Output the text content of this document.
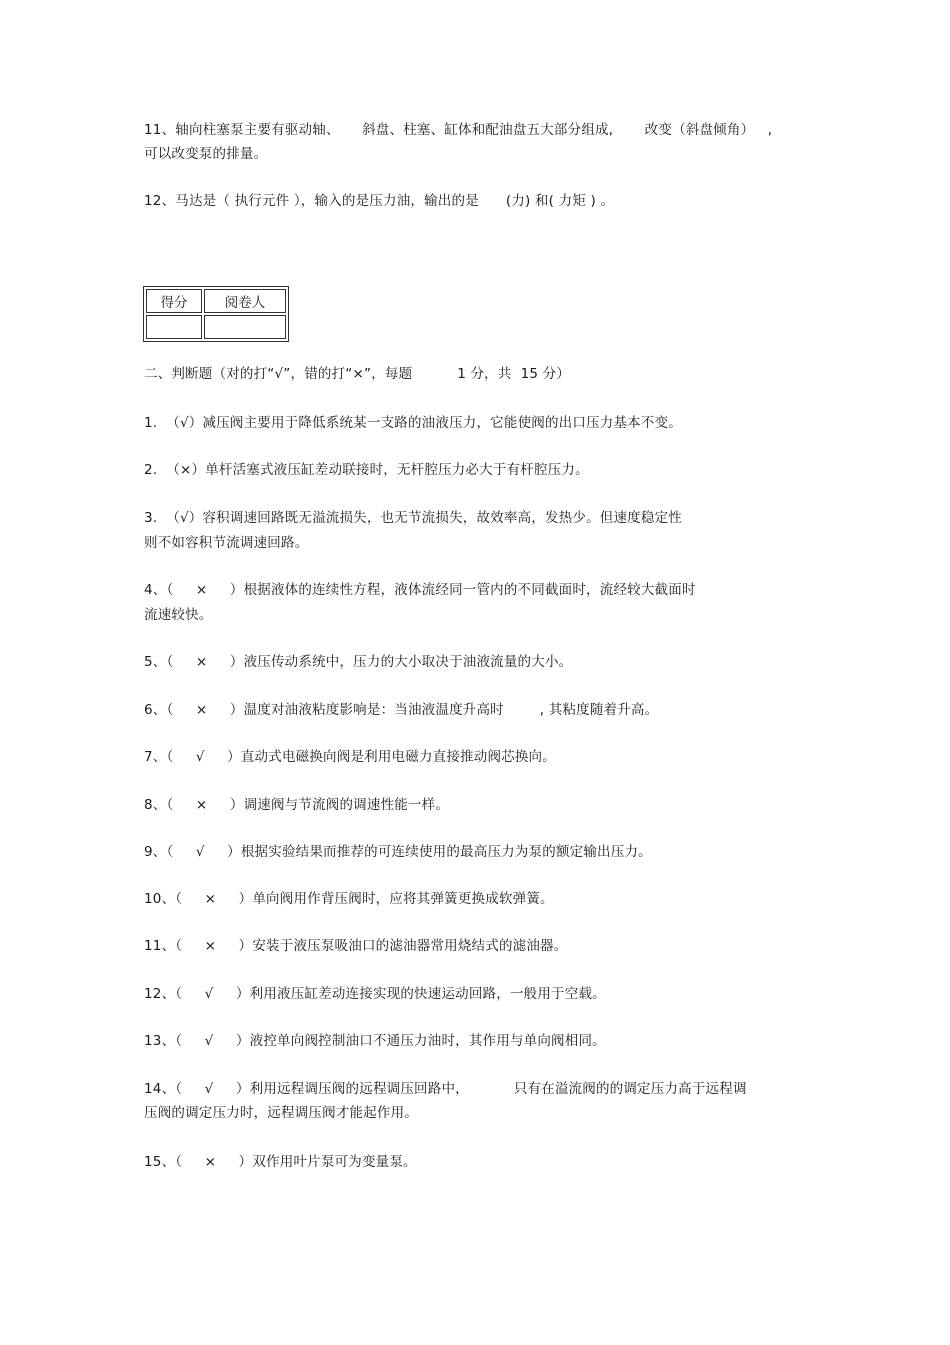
11、轴向柱塞泵主要有驱动轴、     斜盘、柱塞、缸体和配油盘五大部分组成,       改变（斜盘倾角）   ,
可以改变泵的排量。
12、马达是（ 执行元件 ），输入的是压力油，输出的是      (力) 和( 力矩 ) 。
得分	阅卷人

二、判断题（对的打“√”，错的打“×”，每题          1 分，共  15 分）
1.  （√）减压阀主要用于降低系统某一支路的油液压力，它能使阀的出口压力基本不变。
2.  （×）单杆活塞式液压缸差动联接时，无杆腔压力必大于有杆腔压力。
3.  （√）容积调速回路既无溢流损失，也无节流损失，故效率高，发热少。但速度稳定性
则不如容积节流调速回路。
4、（     ×     ）根据液体的连续性方程，液体流经同一管内的不同截面时，流经较大截面时
流速较快。
5、（     ×     ）液压传动系统中，压力的大小取决于油液流量的大小。
6、（     ×     ）温度对油液粘度影响是：当油液温度升高时        , 其粘度随着升高。
7、（     √     ）直动式电磁换向阀是利用电磁力直接推动阀芯换向。
8、（     ×     ）调速阀与节流阀的调速性能一样。
9、（     √     ）根据实验结果而推荐的可连续使用的最高压力为泵的额定输出压力。
10、（     ×     ）单向阀用作背压阀时，应将其弹簧更换成软弹簧。
11、（     ×     ）安装于液压泵吸油口的滤油器常用烧结式的滤油器。
12、（     √     ）利用液压缸差动连接实现的快速运动回路，一般用于空载。
13、（     √     ）液控单向阀控制油口不通压力油时，其作用与单向阀相同。
14、（     √     ）利用远程调压阀的远程调压回路中，          只有在溢流阀的的调定压力高于远程调
压阀的调定压力时，远程调压阀才能起作用。
15、（     ×     ）双作用叶片泵可为变量泵。
